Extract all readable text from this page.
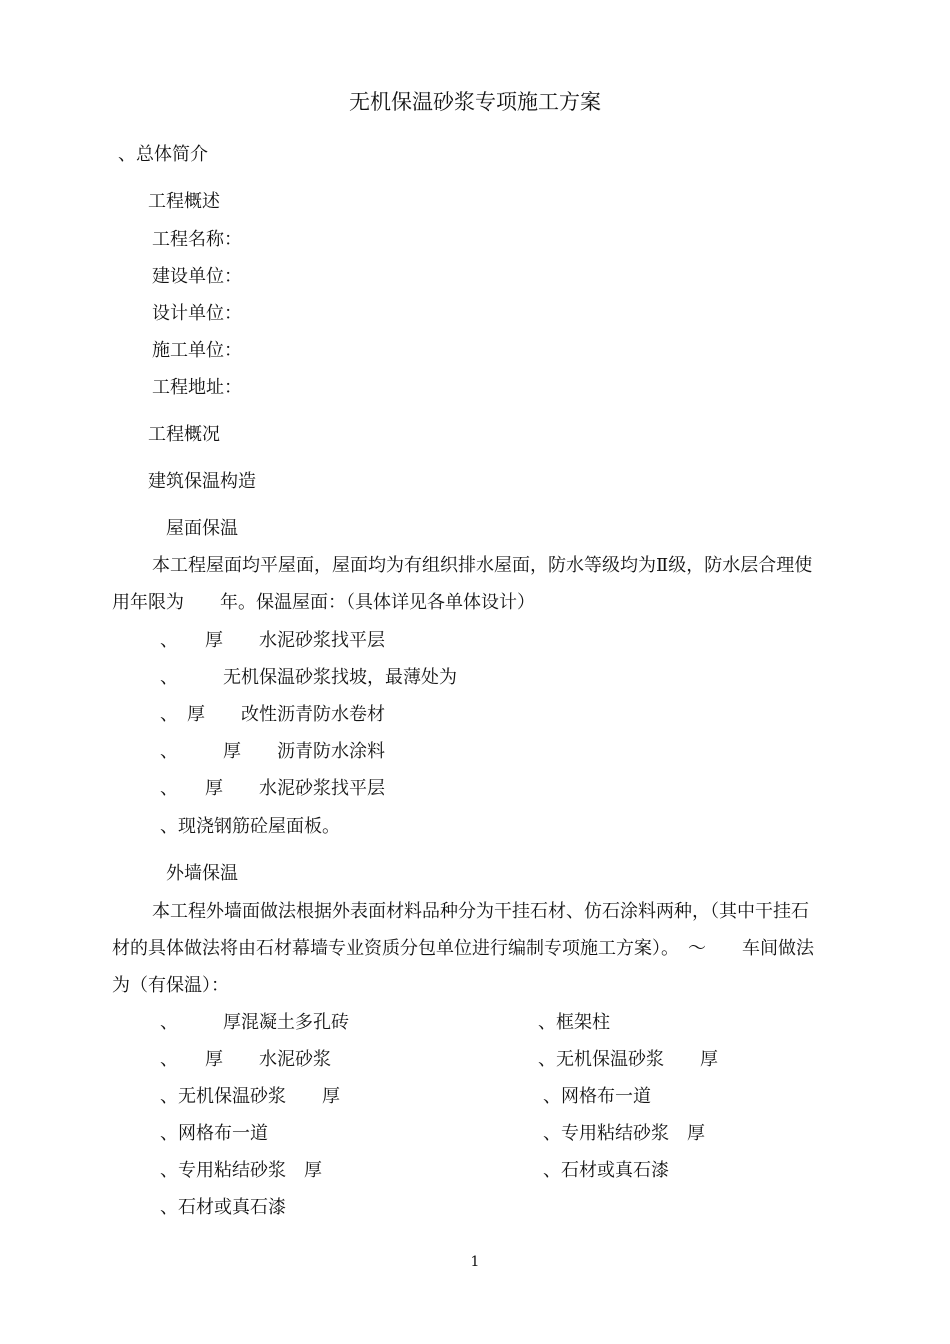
无机保温砂浆专项施工方案
、总体简介
工程概述
工程名称：
建设单位：
设计单位：
施工单位：
工程地址：
工程概况
建筑保温构造
屋面保温
本工程屋面均平屋面，屋面均为有组织排水屋面，防水等级均为Ⅱ级，防水层合理使
用年限为　　年。保温屋面：（具体详见各单体设计）
、　　厚　　水泥砂浆找平层
、　　　无机保温砂浆找坡，最薄处为
、　厚　　改性沥青防水卷材
、　　　厚　　沥青防水涂料
、　　厚　　水泥砂浆找平层
、现浇钢筋砼屋面板。
外墙保温
本工程外墙面做法根据外表面材料品种分为干挂石材、仿石涂料两种，（其中干挂石
材的具体做法将由石材幕墙专业资质分包单位进行编制专项施工方案）。　～　　车间做法
为（有保温）：
、　　　厚混凝土多孔砖
、　　厚　　水泥砂浆
、无机保温砂浆　　厚
、网格布一道
、专用粘结砂浆　厚
、石材或真石漆
、框架柱
、无机保温砂浆　　厚
、网格布一道
、专用粘结砂浆　厚
、石材或真石漆
1
